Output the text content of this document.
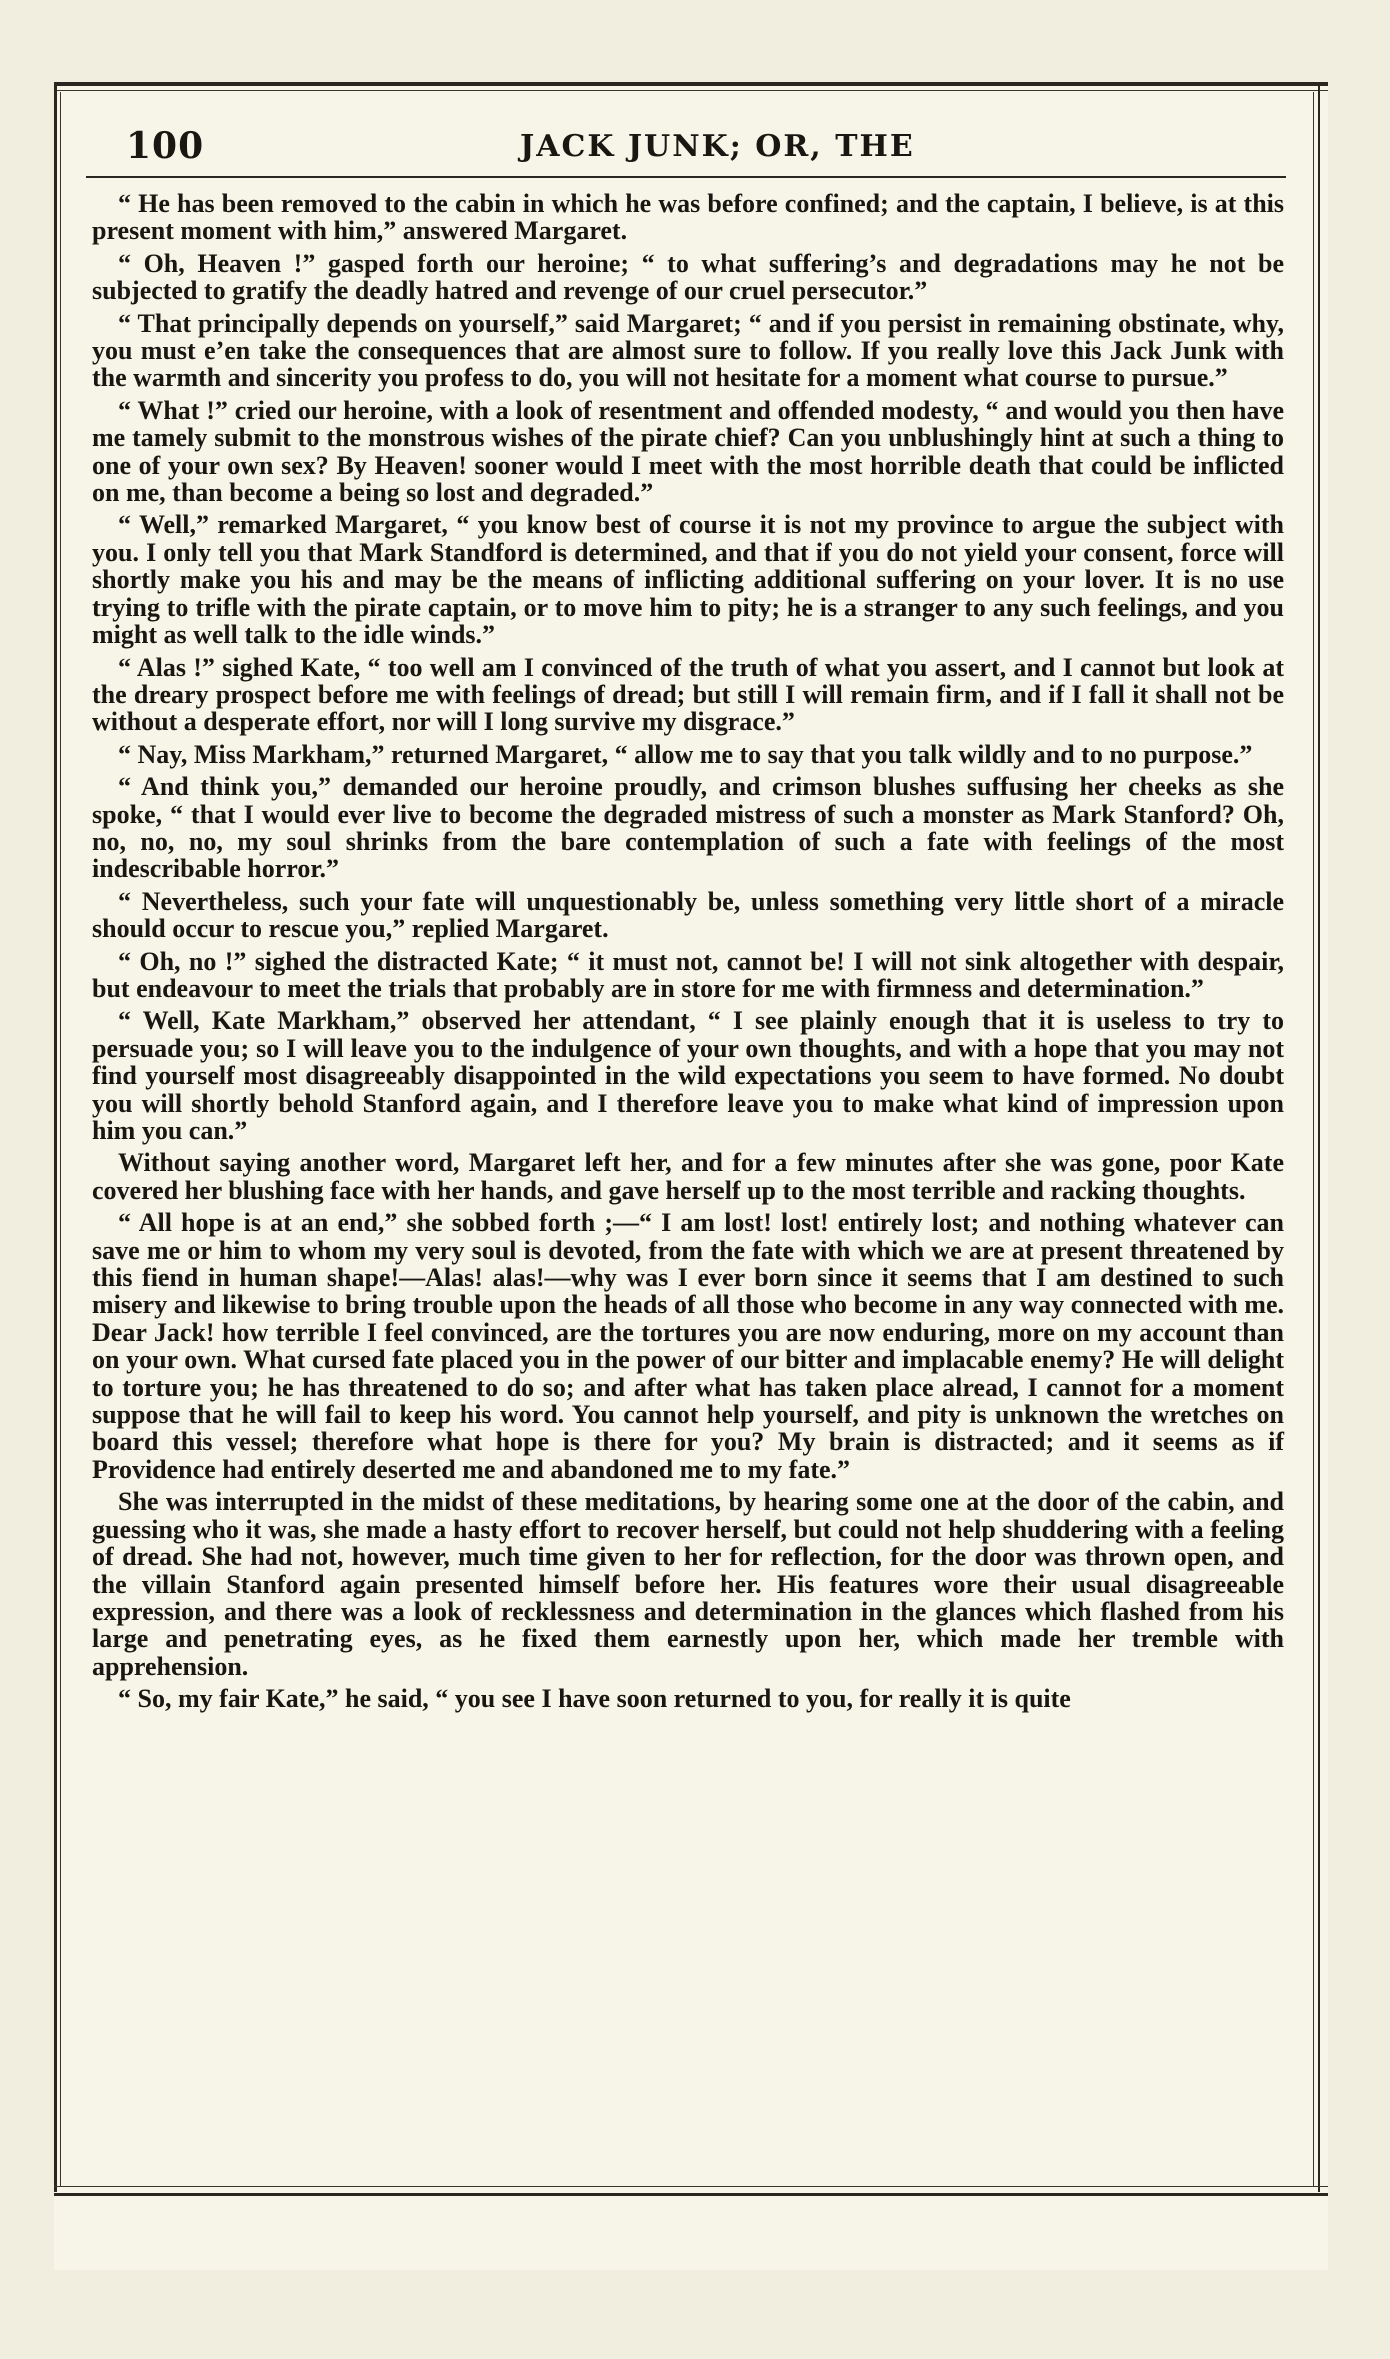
100	JACK JUNK; OR, THE

“ He has been removed to the cabin in which he was before confined; and the captain, I believe, is at this present moment with him,” answered Margaret.

“ Oh, Heaven !” gasped forth our heroine; “ to what suffering’s and degradations may he not be subjected to gratify the deadly hatred and revenge of our cruel persecutor.”

“ That principally depends on yourself,” said Margaret; “ and if you persist in remaining obstinate, why, you must e’en take the consequences that are almost sure to follow. If you really love this Jack Junk with the warmth and sincerity you profess to do, you will not hesitate for a moment what course to pursue.”

“ What !” cried our heroine, with a look of resentment and offended modesty, “ and would you then have me tamely submit to the monstrous wishes of the pirate chief? Can you unblushingly hint at such a thing to one of your own sex? By Heaven! sooner would I meet with the most horrible death that could be inflicted on me, than become a being so lost and degraded.”

“ Well,” remarked Margaret, “ you know best of course it is not my province to argue the subject with you. I only tell you that Mark Standford is determined, and that if you do not yield your consent, force will shortly make you his and may be the means of inflicting additional suffering on your lover. It is no use trying to trifle with the pirate captain, or to move him to pity; he is a stranger to any such feelings, and you might as well talk to the idle winds.”

“ Alas !” sighed Kate, “ too well am I convinced of the truth of what you assert, and I cannot but look at the dreary prospect before me with feelings of dread; but still I will remain firm, and if I fall it shall not be without a desperate effort, nor will I long survive my disgrace.”

“ Nay, Miss Markham,” returned Margaret, “ allow me to say that you talk wildly and to no purpose.”

“ And think you,” demanded our heroine proudly, and crimson blushes suffusing her cheeks as she spoke, “ that I would ever live to become the degraded mistress of such a monster as Mark Stanford? Oh, no, no, no, my soul shrinks from the bare contemplation of such a fate with feelings of the most indescribable horror.”

“ Nevertheless, such your fate will unquestionably be, unless something very little short of a miracle should occur to rescue you,” replied Margaret.

“ Oh, no !” sighed the distracted Kate; “ it must not, cannot be! I will not sink altogether with despair, but endeavour to meet the trials that probably are in store for me with firmness and determination.”

“ Well, Kate Markham,” observed her attendant, “ I see plainly enough that it is useless to try to persuade you; so I will leave you to the indulgence of your own thoughts, and with a hope that you may not find yourself most disagreeably disappointed in the wild expectations you seem to have formed. No doubt you will shortly behold Stanford again, and I therefore leave you to make what kind of impression upon him you can.”

Without saying another word, Margaret left her, and for a few minutes after she was gone, poor Kate covered her blushing face with her hands, and gave herself up to the most terrible and racking thoughts.

“ All hope is at an end,” she sobbed forth ;—“ I am lost! lost! entirely lost; and nothing whatever can save me or him to whom my very soul is devoted, from the fate with which we are at present threatened by this fiend in human shape!—Alas! alas!—why was I ever born since it seems that I am destined to such misery and likewise to bring trouble upon the heads of all those who become in any way connected with me. Dear Jack! how terrible I feel convinced, are the tortures you are now enduring, more on my account than on your own. What cursed fate placed you in the power of our bitter and implacable enemy? He will delight to torture you; he has threatened to do so; and after what has taken place alread, I cannot for a moment suppose that he will fail to keep his word. You cannot help yourself, and pity is unknown the wretches on board this vessel; therefore what hope is there for you? My brain is distracted; and it seems as if Providence had entirely deserted me and abandoned me to my fate.”

She was interrupted in the midst of these meditations, by hearing some one at the door of the cabin, and guessing who it was, she made a hasty effort to recover herself, but could not help shuddering with a feeling of dread. She had not, however, much time given to her for reflection, for the door was thrown open, and the villain Stanford again presented himself before her. His features wore their usual disagreeable expression, and there was a look of recklessness and determination in the glances which flashed from his large and penetrating eyes, as he fixed them earnestly upon her, which made her tremble with apprehension.

“ So, my fair Kate,” he said, “ you see I have soon returned to you, for really it is quite
